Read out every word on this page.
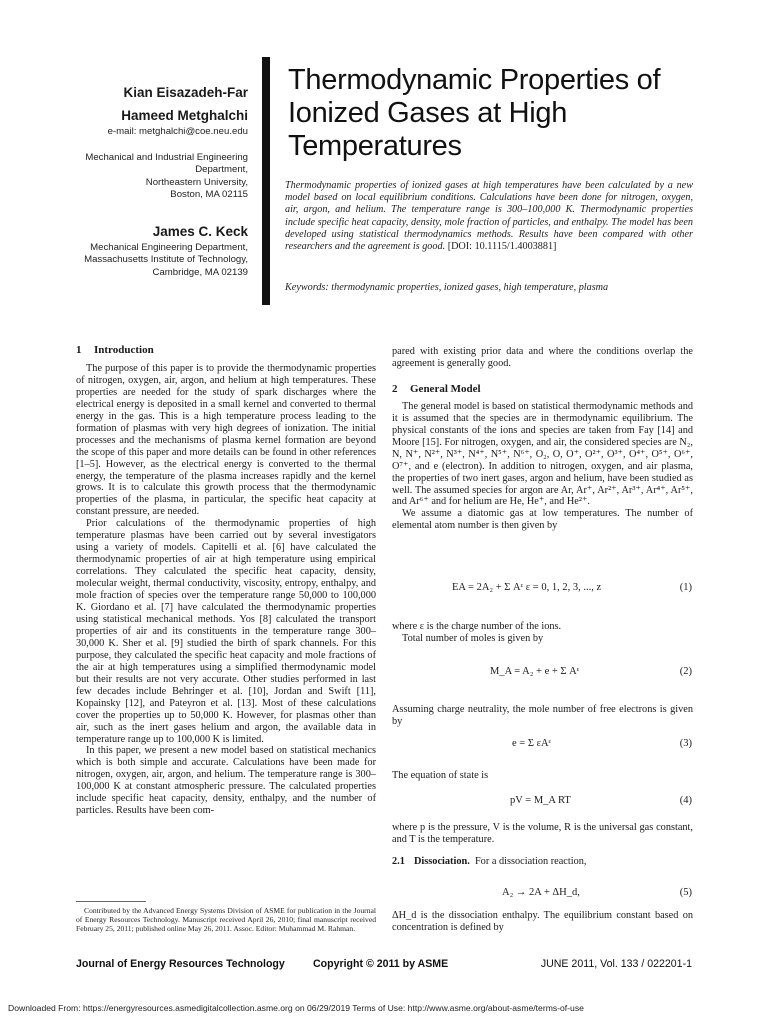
Kian Eisazadeh-Far
Hameed Metghalchi
e-mail: metghalchi@coe.neu.edu
Mechanical and Industrial Engineering
Department,
Northeastern University,
Boston, MA 02115
James C. Keck
Mechanical Engineering Department,
Massachusetts Institute of Technology,
Cambridge, MA 02139
Thermodynamic Properties of
Ionized Gases at High
Temperatures
Thermodynamic properties of ionized gases at high temperatures have been calculated by a new model based on local equilibrium conditions. Calculations have been done for nitrogen, oxygen, air, argon, and helium. The temperature range is 300–100,000 K. Thermodynamic properties include specific heat capacity, density, mole fraction of particles, and enthalpy. The model has been developed using statistical thermodynamics methods. Results have been compared with other researchers and the agreement is good. [DOI: 10.1115/1.4003881]
Keywords: thermodynamic properties, ionized gases, high temperature, plasma
1 Introduction

The purpose of this paper is to provide the thermodynamic properties of nitrogen, oxygen, air, argon, and helium at high temperatures. These properties are needed for the study of spark discharges where the electrical energy is deposited in a small kernel and converted to thermal energy in the gas. This is a high temperature process leading to the formation of plasmas with very high degrees of ionization. The initial processes and the mechanisms of plasma kernel formation are beyond the scope of this paper and more details can be found in other references [1–5]. However, as the electrical energy is converted to the thermal energy, the temperature of the plasma increases rapidly and the kernel grows. It is to calculate this growth process that the thermodynamic properties of the plasma, in particular, the specific heat capacity at constant pressure, are needed.

Prior calculations of the thermodynamic properties of high temperature plasmas have been carried out by several investigators using a variety of models. Capitelli et al. [6] have calculated the thermodynamic properties of air at high temperature using empirical correlations. They calculated the specific heat capacity, density, molecular weight, thermal conductivity, viscosity, entropy, enthalpy, and mole fraction of species over the temperature range 50,000 to 100,000 K. Giordano et al. [7] have calculated the thermodynamic properties using statistical mechanical methods. Yos [8] calculated the transport properties of air and its constituents in the temperature range 300–30,000 K. Sher et al. [9] studied the birth of spark channels. For this purpose, they calculated the specific heat capacity and mole fractions of the air at high temperatures using a simplified thermodynamic model but their results are not very accurate. Other studies performed in last few decades include Behringer et al. [10], Jordan and Swift [11], Kopainsky [12], and Pateyron et al. [13]. Most of these calculations cover the properties up to 50,000 K. However, for plasmas other than air, such as the inert gases helium and argon, the available data in temperature range up to 100,000 K is limited.

In this paper, we present a new model based on statistical mechanics which is both simple and accurate. Calculations have been made for nitrogen, oxygen, air, argon, and helium. The temperature range is 300–100,000 K at constant atmospheric pressure. The calculated properties include specific heat capacity, density, enthalpy, and the number of particles. Results have been com-

Contributed by the Advanced Energy Systems Division of ASME for publication in the Journal of Energy Resources Technology. Manuscript received April 26, 2010; final manuscript received February 25, 2011; published online May 26, 2011. Assoc. Editor: Muhammad M. Rahman.

pared with existing prior data and where the conditions overlap the agreement is generally good.

2 General Model

The general model is based on statistical thermodynamic methods and it is assumed that the species are in thermodynamic equilibrium. The physical constants of the ions and species are taken from Fay [14] and Moore [15]. For nitrogen, oxygen, and air, the considered species are N₂, N, N⁺, N²⁺, N³⁺, N⁴⁺, N⁵⁺, N⁶⁺, O₂, O, O⁺, O²⁺, O³⁺, O⁴⁺, O⁵⁺, O⁶⁺, O⁷⁺, and e (electron). In addition to nitrogen, oxygen, and air plasma, the properties of two inert gases, argon and helium, have been studied as well. The assumed species for argon are Ar, Ar⁺, Ar²⁺, Ar³⁺, Ar⁴⁺, Ar⁵⁺, and Ar⁶⁺ and for helium are He, He⁺, and He²⁺.

We assume a diatomic gas at low temperatures. The number of elemental atom number is then given by

EA = 2A₂ + Σ Aᵋ ε = 0, 1, 2, 3, ..., z	(1)

where ε is the charge number of the ions.

Total number of moles is given by

M_A = A₂ + e + Σ Aᵋ	(2)

Assuming charge neutrality, the mole number of free electrons is given by

e = Σ εAᵋ	(3)

The equation of state is

pV = M_A RT	(4)

where p is the pressure, V is the volume, R is the universal gas constant, and T is the temperature.

2.1 Dissociation. For a dissociation reaction,

A₂ → 2A + ΔH_d,	(5)

ΔH_d is the dissociation enthalpy. The equilibrium constant based on concentration is defined by

Journal of Energy Resources Technology	Copyright © 2011 by ASME	JUNE 2011, Vol. 133 / 022201-1
Downloaded From: https://energyresources.asmedigitalcollection.asme.org on 06/29/2019 Terms of Use: http://www.asme.org/about-asme/terms-of-use
